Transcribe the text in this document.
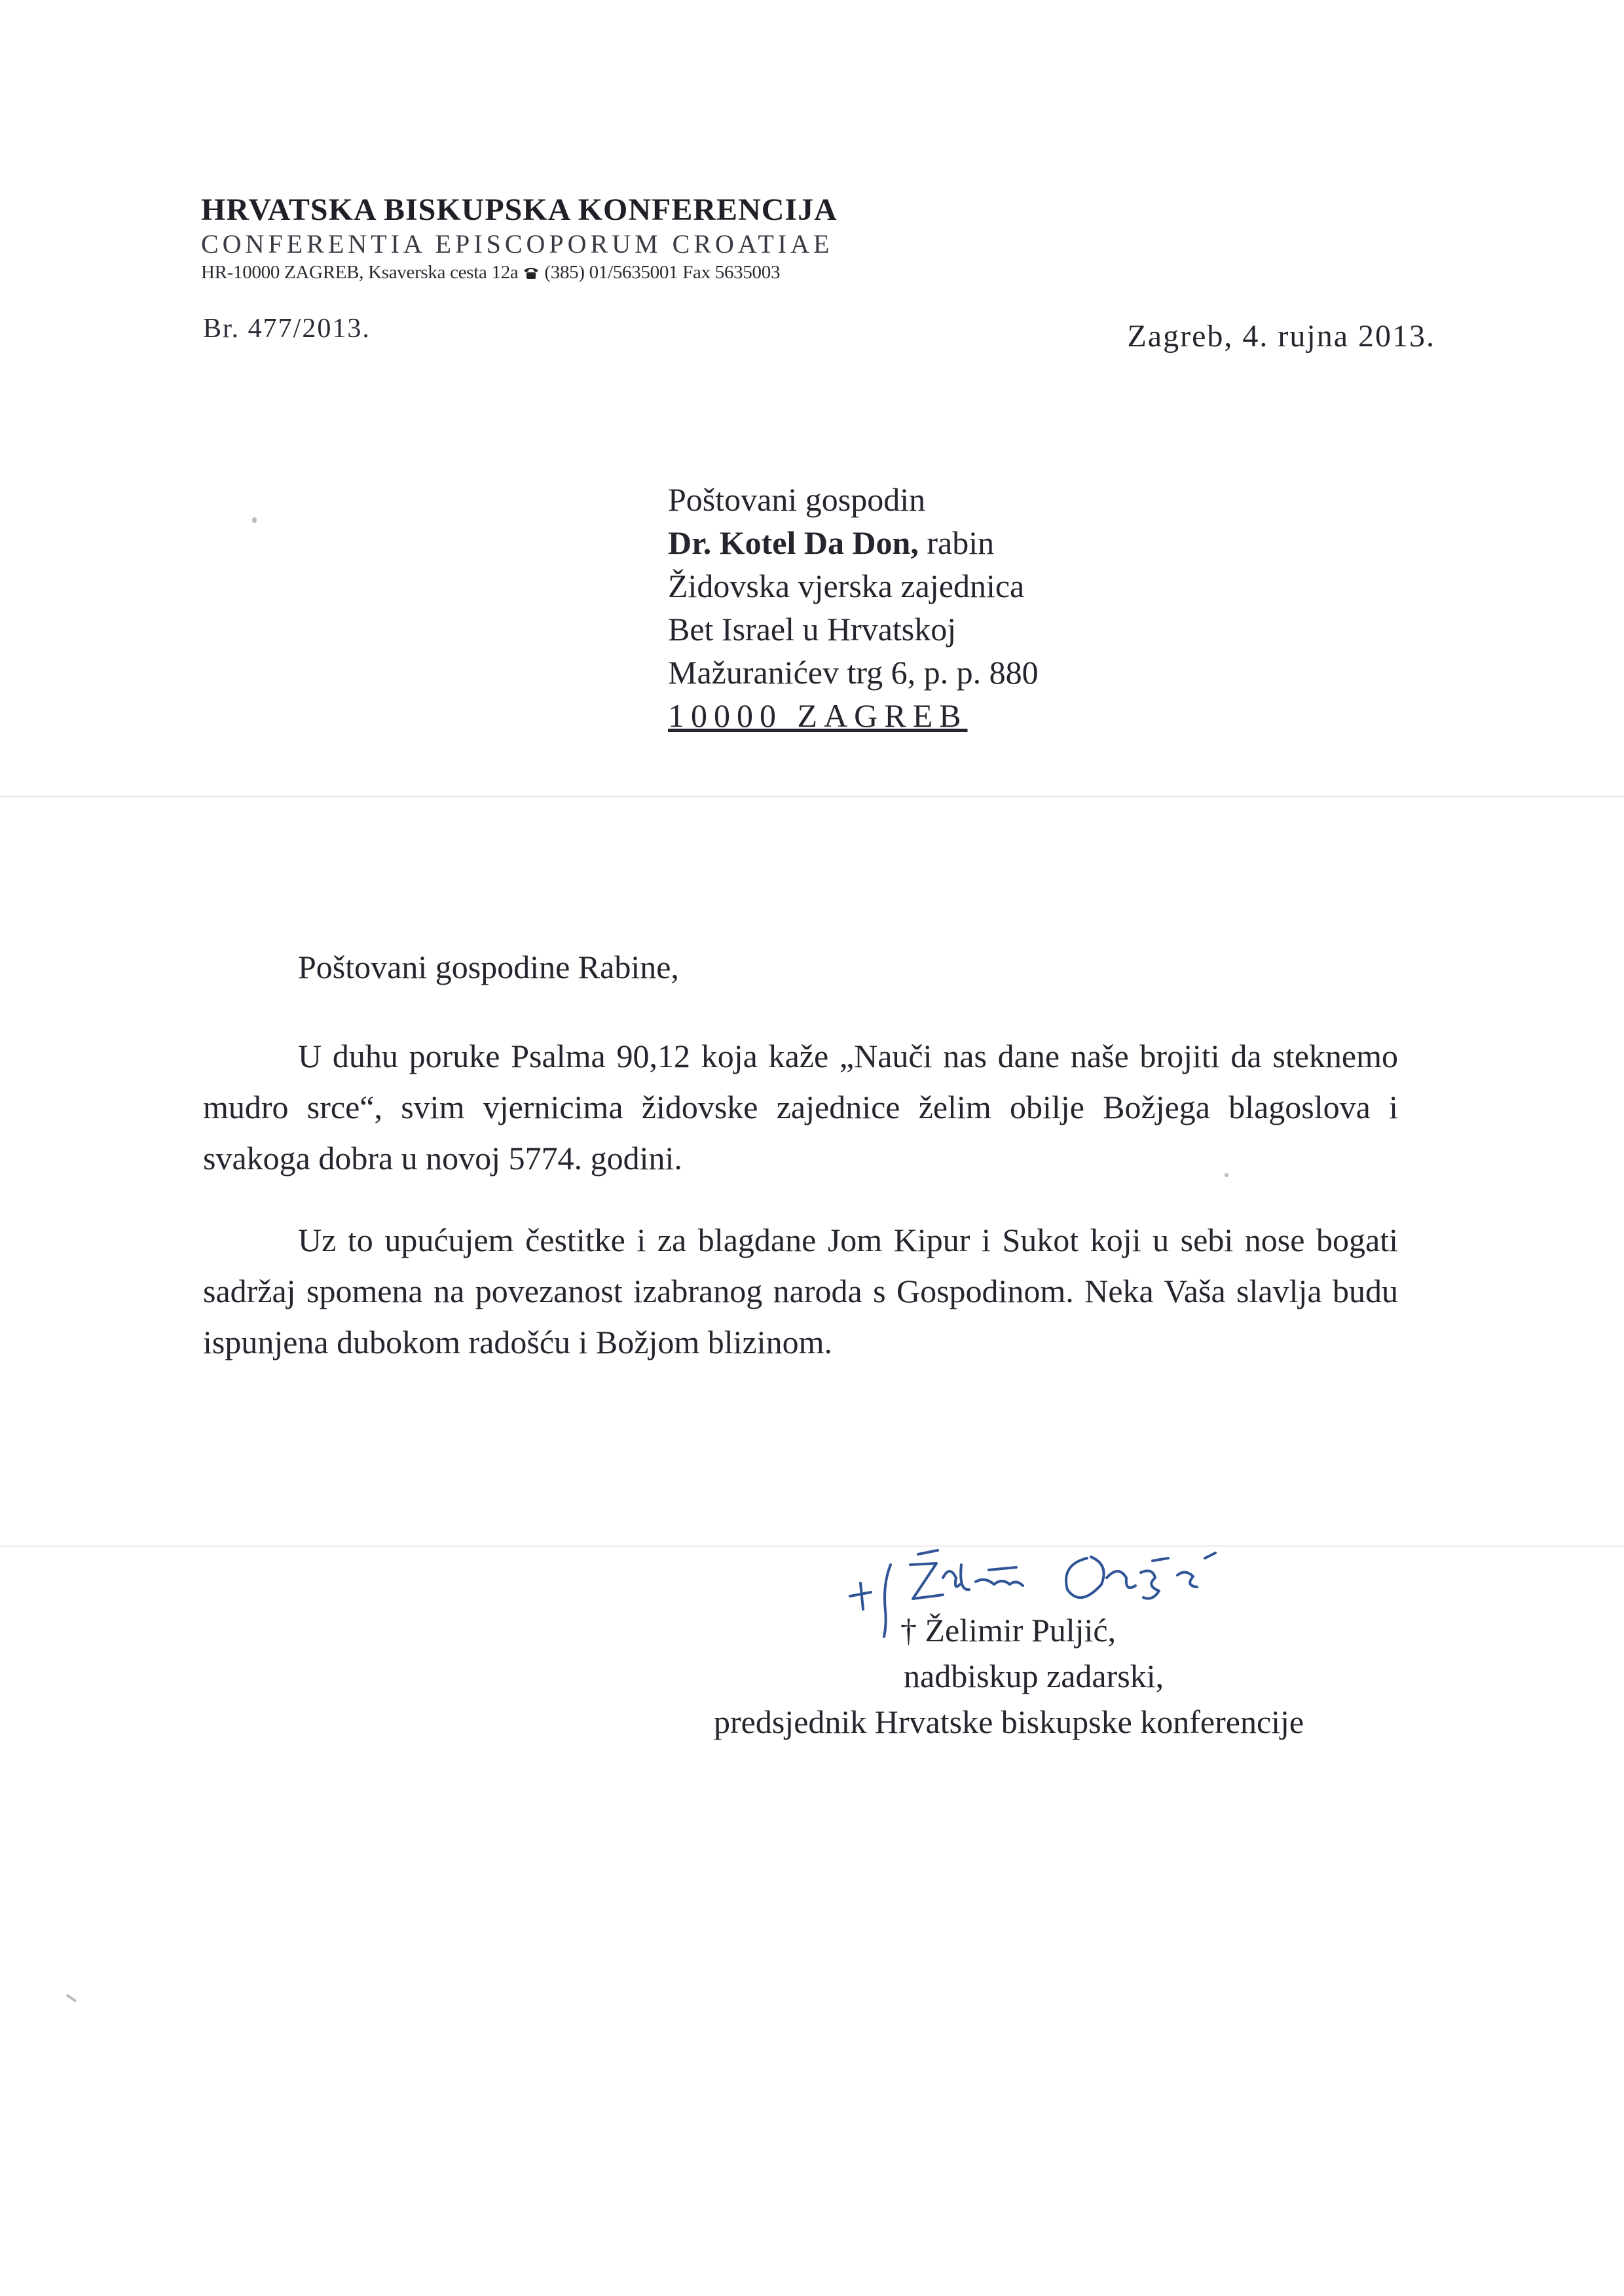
HRVATSKA BISKUPSKA KONFERENCIJA
CONFERENTIA EPISCOPORUM CROATIAE
HR-10000 ZAGREB, Ksaverska cesta 12a (385) 01/5635001 Fax 5635003
Br. 477/2013.	Zagreb, 4. rujna 2013.
Poštovani gospodin
Dr. Kotel Da Don, rabin
Židovska vjerska zajednica
Bet Israel u Hrvatskoj
Mažuranićev trg 6, p. p. 880
10000 ZAGREB
Poštovani gospodine Rabine,
U duhu poruke Psalma 90,12 koja kaže „Nauči nas dane naše brojiti da steknemo mudro srce“, svim vjernicima židovske zajednice želim obilje Božjega blagoslova i svakoga dobra u novoj 5774. godini.
Uz to upućujem čestitke i za blagdane Jom Kipur i Sukot koji u sebi nose bogati sadržaj spomena na povezanost izabranog naroda s Gospodinom. Neka Vaša slavlja budu ispunjena dubokom radošću i Božjom blizinom.
† Želimir Puljić,
nadbiskup zadarski,
predsjednik Hrvatske biskupske konferencije
